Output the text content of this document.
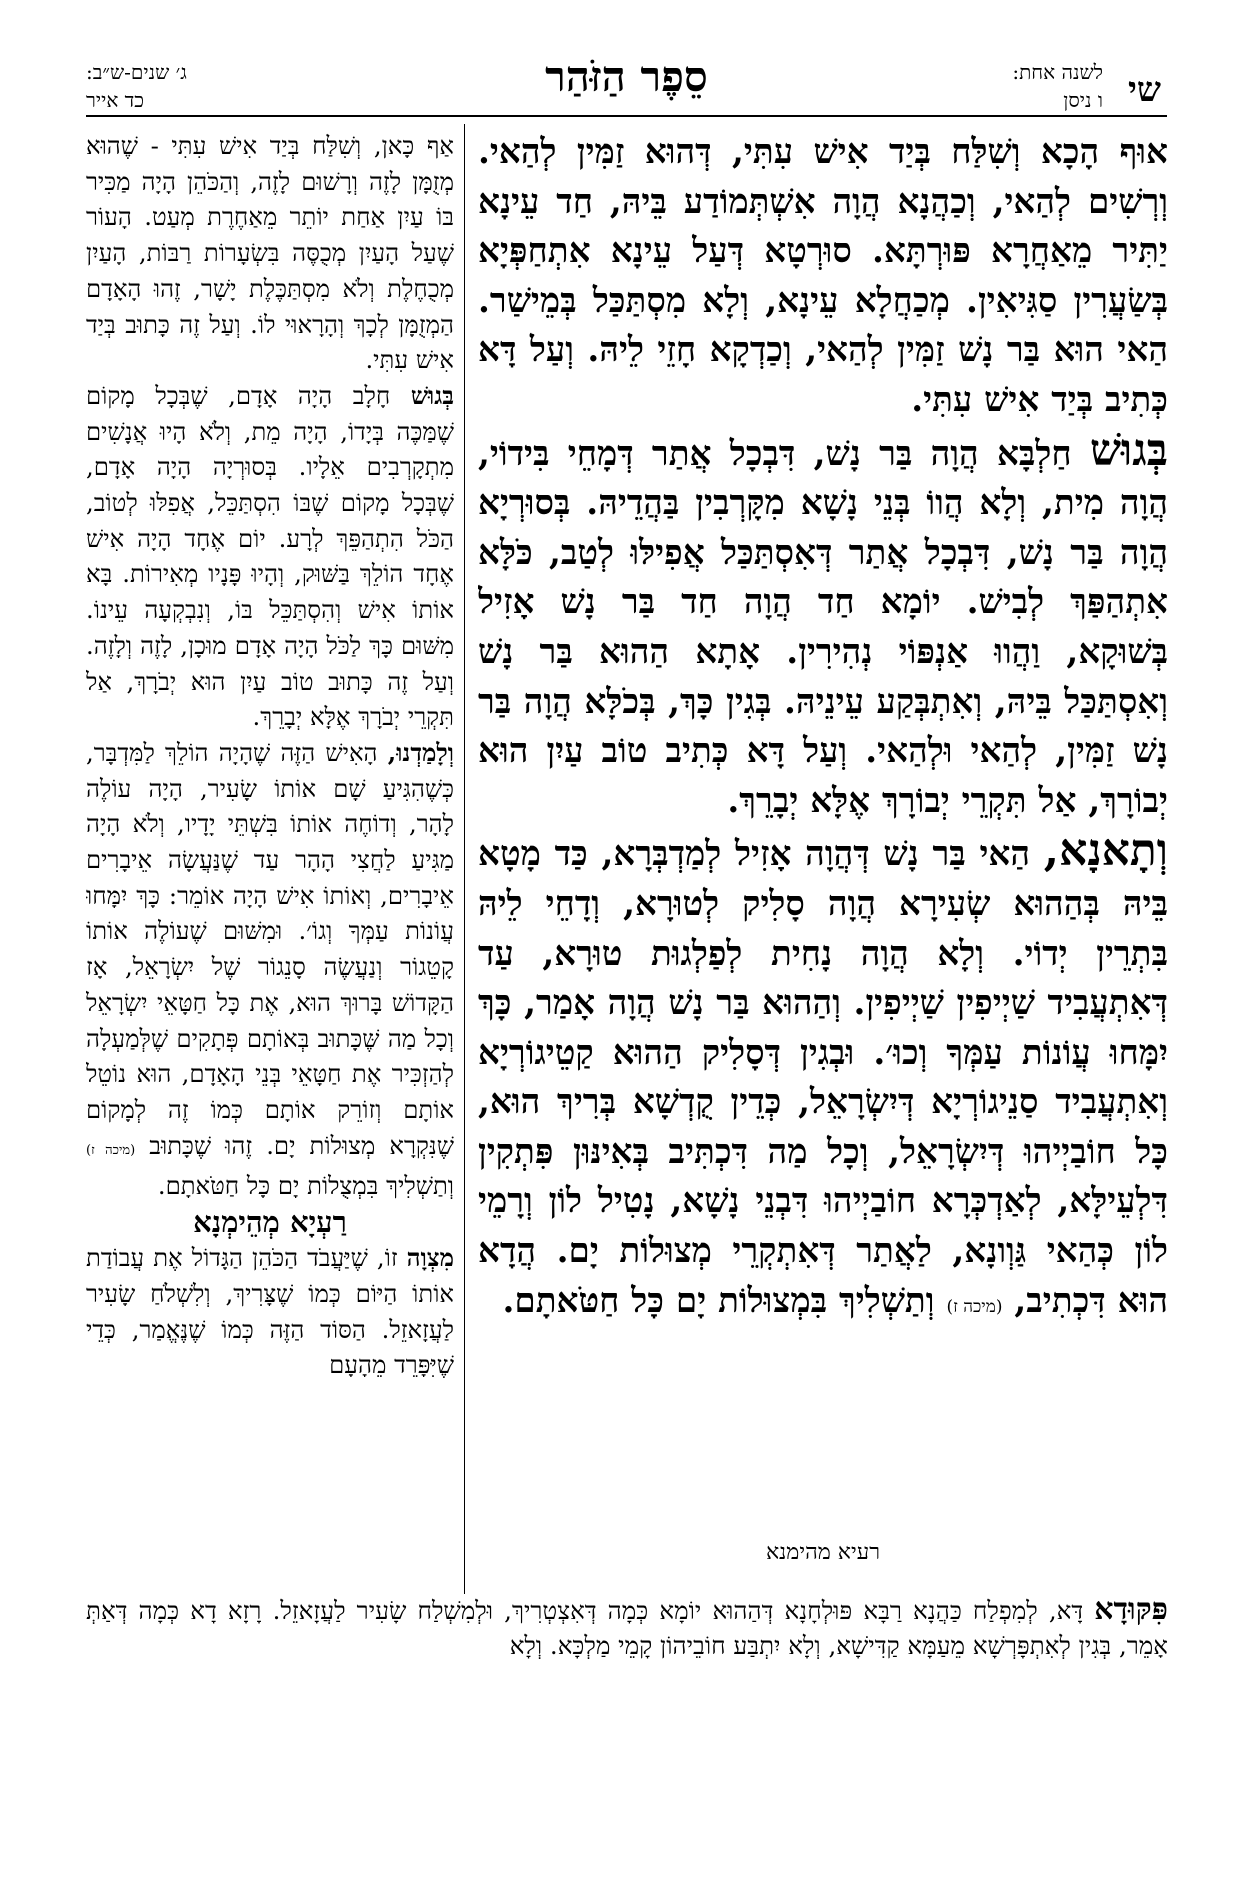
שי
לשנה אחת:
ו ניסן
סֵפֶר הַזֹּהַר
ג׳ שנים-ש״ב:
כד אייר

אוּף הָכָא וְשִׁלַּח בְּיַד אִישׁ עִתִּי, דְּהוּא זַמִּין לְהַאי. וְרְשִׁים לְהַאי, וְכַהֲנָא הֲוָה אִשְׁתְּמוֹדַע בֵּיהּ, חַד עֵינָא יַתִּיר מֵאַחֲרָא פּוּרְתָּא. סוּרְטָא דְּעַל עֵינָא אִתְחַפְּיָא בְּשַׂעֲרִין סַגִּיאִין. מְכַחֲלָא עֵינָא, וְלָא מִסְתַּכַּל בְּמֵישַׁר. הַאי הוּא בַּר נָשׁ זַמִּין לְהַאי, וְכַדְקָא חָזֵי לֵיהּ. וְעַל דָּא כְּתִיב בְּיַד אִישׁ עִתִּי.

בְּגוּשׁ חַלְבָּא הֲוָה בַּר נָשׁ, דִּבְכָל אֲתַר דְּמָחֵי בִּידוֹי, הֲוָה מִית, וְלָא הֲווֹ בְּנֵי נָשָׁא מִקָּרְבִין בַּהֲדֵיהּ. בְּסוּרְיָא הֲוָה בַּר נָשׁ, דִּבְכָל אֲתַר דְּאִסְתַּכַּל אֲפִילּוּ לְטַב, כֹּלָּא אִתְהַפַּךְ לְבִישׁ. יוֹמָא חַד הֲוָה חַד בַּר נָשׁ אָזִיל בְּשׁוּקָא, וַהֲווּ אַנְפּוֹי נְהִירִין. אָתָא הַהוּא בַּר נָשׁ וְאִסְתַּכַּל בֵּיהּ, וְאִתְבְּקַע עֵינֵיהּ. בְּגִין כָּךְ, בְּכֹלָּא הֲוָה בַּר נָשׁ זַמִּין, לְהַאי וּלְהַאי. וְעַל דָּא כְּתִיב טוֹב עַיִן הוּא יְבוֹרָךְ, אַל תִּקְרֵי יְבוֹרָךְ אֶלָּא יְבָרֵךְ.

וְתָאנָא, הַאי בַּר נָשׁ דְּהֲוָה אָזִיל לְמַדְבְּרָא, כַּד מָטָא בֵּיהּ בְּהַהוּא שְׂעִירָא הֲוָה סָלִיק לְטוּרָא, וְדָחֵי לֵיהּ בִּתְרֵין יְדוֹי. וְלָא הֲוָה נָחִית לְפַלְגוּת טוּרָא, עַד דְּאִתְעֲבִיד שַׁיְיפִין שַׁיְיפִין. וְהַהוּא בַּר נָשׁ הֲוָה אָמַר, כָּךְ יִמָּחוּ עֲוֹנוֹת עַמְּךָ וְכוּ׳. וּבְגִין דְּסָלִיק הַהוּא קַטֵיגוֹרְיָא וְאִתְעֲבִיד סַנֵיגוֹרְיָא דְּיִשְׂרָאֵל, כְּדֵין קֻדְשָׁא בְּרִיךְ הוּא, כָּל חוֹבַיְיהוּ דְּיִשְׂרָאֵל, וְכָל מַה דִּכְתִּיב בְּאִינּוּן פִּתְקִין דִּלְעֵילָּא, לְאַדְכְּרָא חוֹבַיְיהוּ דִּבְנֵי נָשָׁא, נָטִיל לוֹן וְרָמֵי לוֹן כְּהַאי גַּוְונָא, לַאֲתַר דְּאִתְקְרֵי מְצוּלוֹת יָם. הֲדָא הוּא דִּכְתִיב, (מיכה ז) וְתַשְׁלִיךְ בִּמְצוּלוֹת יָם כָּל חַטֹּאתָם.

רעיא מהימנא

אַף כָּאן, וְשִׁלַּח בְּיַד אִישׁ עִתִּי - שֶׁהוּא מְזֻמָּן לָזֶה וְרָשׁוּם לָזֶה, וְהַכֹּהֵן הָיָה מַכִּיר בּוֹ עַיִן אַחַת יוֹתֵר מֵאַחֶרֶת מְעַט. הָעוֹר שֶׁעַל הָעַיִן מְכֻסֶּה בִּשְׂעָרוֹת רַבּוֹת, הָעַיִן מְכֻחֶלֶת וְלֹא מִסְתַּכֶּלֶת יָשָׁר, זֶהוּ הָאָדָם הַמְזֻמָּן לְכָךְ וְהָרָאוּי לוֹ. וְעַל זֶה כָּתוּב בְּיַד אִישׁ עִתִּי.

בְּגוּשׁ חָלָב הָיָה אָדָם, שֶׁבְּכָל מָקוֹם שֶׁמַּכֶּה בְּיָדוֹ, הָיָה מֵת, וְלֹא הָיוּ אֲנָשִׁים מִתְקָרְבִים אֵלָיו. בְּסוּרְיָה הָיָה אָדָם, שֶׁבְּכָל מָקוֹם שֶׁבּוֹ הִסְתַּכֵּל, אֲפִלּוּ לְטוֹב, הַכֹּל הִתְהַפֵּךְ לְרָע. יוֹם אֶחָד הָיָה אִישׁ אֶחָד הוֹלֵךְ בַּשּׁוּק, וְהָיוּ פָּנָיו מְאִירוֹת. בָּא אוֹתוֹ אִישׁ וְהִסְתַּכֵּל בּוֹ, וְנִבְקְעָה עֵינוֹ. מִשּׁוּם כָּךְ לַכֹּל הָיָה אָדָם מוּכָן, לָזֶה וְלָזֶה. וְעַל זֶה כָּתוּב טוֹב עַיִן הוּא יְבֹרָךְ, אַל תִּקְרֵי יְבֹרָךְ אֶלָּא יְבָרֵךְ.

וְלָמַדְנוּ, הָאִישׁ הַזֶּה שֶׁהָיָה הוֹלֵךְ לַמִּדְבָּר, כְּשֶׁהִגִּיעַ שָׁם אוֹתוֹ שָׂעִיר, הָיָה עוֹלֶה לָהָר, וְדוֹחֶה אוֹתוֹ בִּשְׁתֵּי יָדָיו, וְלֹא הָיָה מַגִּיעַ לַחֲצִי הָהָר עַד שֶׁנַּעֲשָׂה אֵיבָרִים אֵיבָרִים, וְאוֹתוֹ אִישׁ הָיָה אוֹמֵר: כָּךְ יִמָּחוּ עֲוֹנוֹת עַמְּךָ וְגוֹ׳. וּמִשּׁוּם שֶׁעוֹלֶה אוֹתוֹ קָטֵגוֹר וְנַעֲשֶׂה סָנֵגוֹר שֶׁל יִשְׂרָאֵל, אָז הַקָּדוֹשׁ בָּרוּךְ הוּא, אֶת כָּל חַטָּאֵי יִשְׂרָאֵל וְכָל מַה שֶּׁכָּתוּב בְּאוֹתָם פְּתָקִים שֶׁלְּמַעְלָה לְהַזְכִּיר אֶת חַטָּאֵי בְּנֵי הָאָדָם, הוּא נוֹטֵל אוֹתָם וְזוֹרֵק אוֹתָם כְּמוֹ זֶה לְמָקוֹם שֶׁנִּקְרָא מְצוּלוֹת יָם. זֶהוּ שֶׁכָּתוּב (מיכה ז) וְתַשְׁלִיךְ בִּמְצֻלוֹת יָם כָּל חַטֹּאתָם.

רַעְיָא מְהֵימְנָא

מִצְוָה זוֹ, שֶׁיַּעֲבֹד הַכֹּהֵן הַגָּדוֹל אֶת עֲבוֹדַת אוֹתוֹ הַיּוֹם כְּמוֹ שֶׁצָּרִיךְ, וְלִשְׁלֹחַ שָׂעִיר לַעֲזָאזֵל. הַסּוֹד הַזֶּה כְּמוֹ שֶׁנֶּאֱמַר, כְּדֵי שֶׁיִּפָּרֵד מֵהָעָם

פִּקּוּדָא דָּא, לְמִפְלַח כַּהֲנָא רַבָּא פּוּלְחָנָא דְּהַהוּא יוֹמָא כְּמָה דְּאִצְטְרִיךְ, וּלְמִשְׁלַח שָׂעִיר לַעֲזָאזֵל. רָזָא דָא כְּמָה דְּאַתְּ אָמֵר, בְּגִין לְאִתְפָּרְשָׁא מֵעַמָּא קַדִּישָׁא, וְלָא יִתְבַּע חוֹבֵיהוֹן קָמֵי מַלְכָּא. וְלָא
